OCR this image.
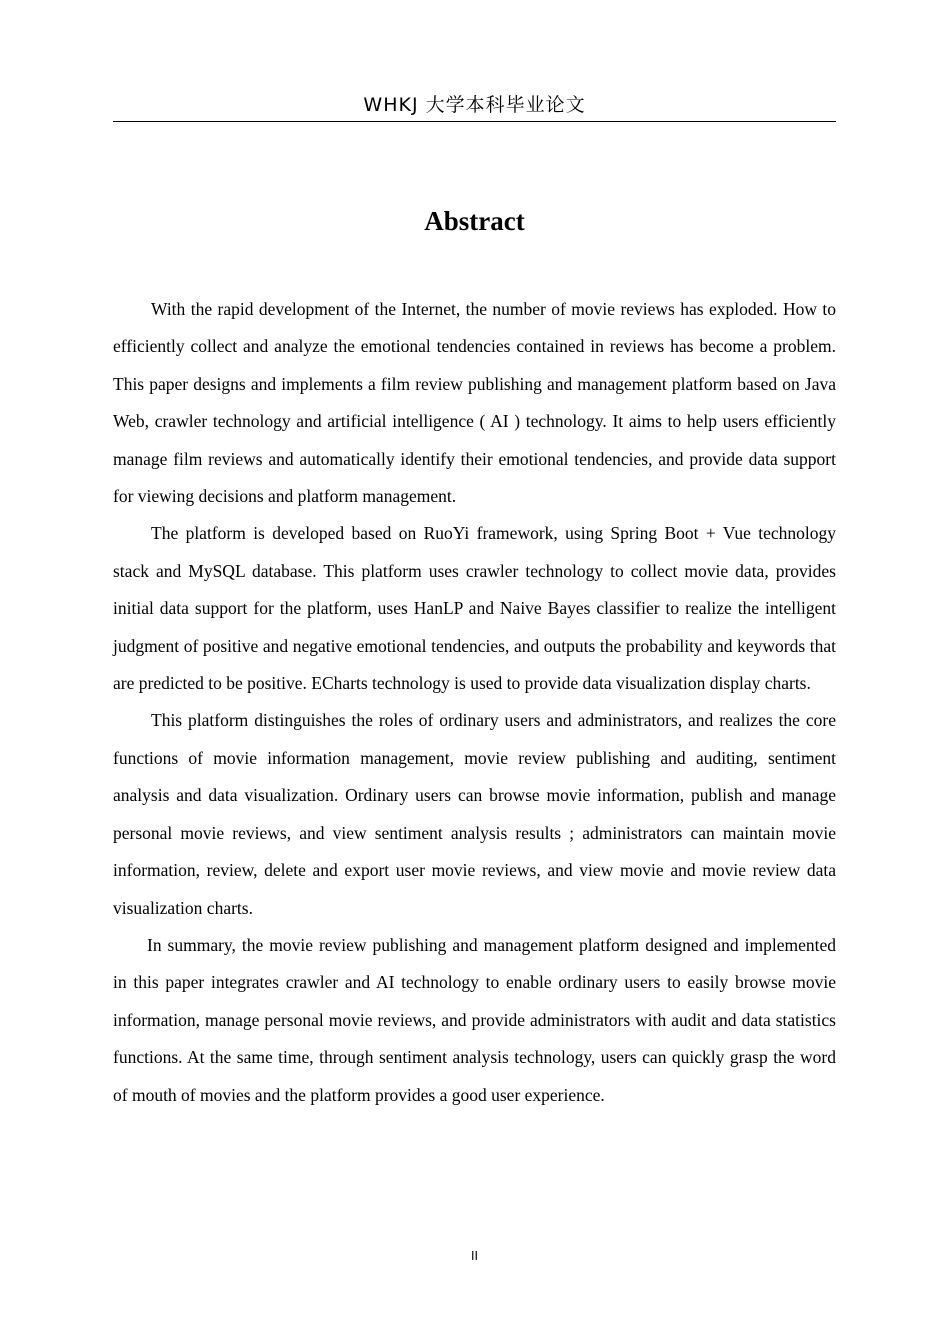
WHKJ 大学本科毕业论文
Abstract

With the rapid development of the Internet, the number of movie reviews has exploded. How to efficiently collect and analyze the emotional tendencies contained in reviews has become a problem. This paper designs and implements a film review publishing and management platform based on Java Web, crawler technology and artificial intelligence ( AI ) technology. It aims to help users efficiently manage film reviews and automatically identify their emotional tendencies, and provide data support for viewing decisions and platform management.

The platform is developed based on RuoYi framework, using Spring Boot + Vue technology stack and MySQL database. This platform uses crawler technology to collect movie data, provides initial data support for the platform, uses HanLP and Naive Bayes classifier to realize the intelligent judgment of positive and negative emotional tendencies, and outputs the probability and keywords that are predicted to be positive. ECharts technology is used to provide data visualization display charts.

This platform distinguishes the roles of ordinary users and administrators, and realizes the core functions of movie information management, movie review publishing and auditing, sentiment analysis and data visualization. Ordinary users can browse movie information, publish and manage personal movie reviews, and view sentiment analysis results ; administrators can maintain movie information, review, delete and export user movie reviews, and view movie and movie review data visualization charts.

In summary, the movie review publishing and management platform designed and implemented in this paper integrates crawler and AI technology to enable ordinary users to easily browse movie information, manage personal movie reviews, and provide administrators with audit and data statistics functions. At the same time, through sentiment analysis technology, users can quickly grasp the word of mouth of movies and the platform provides a good user experience.

II
